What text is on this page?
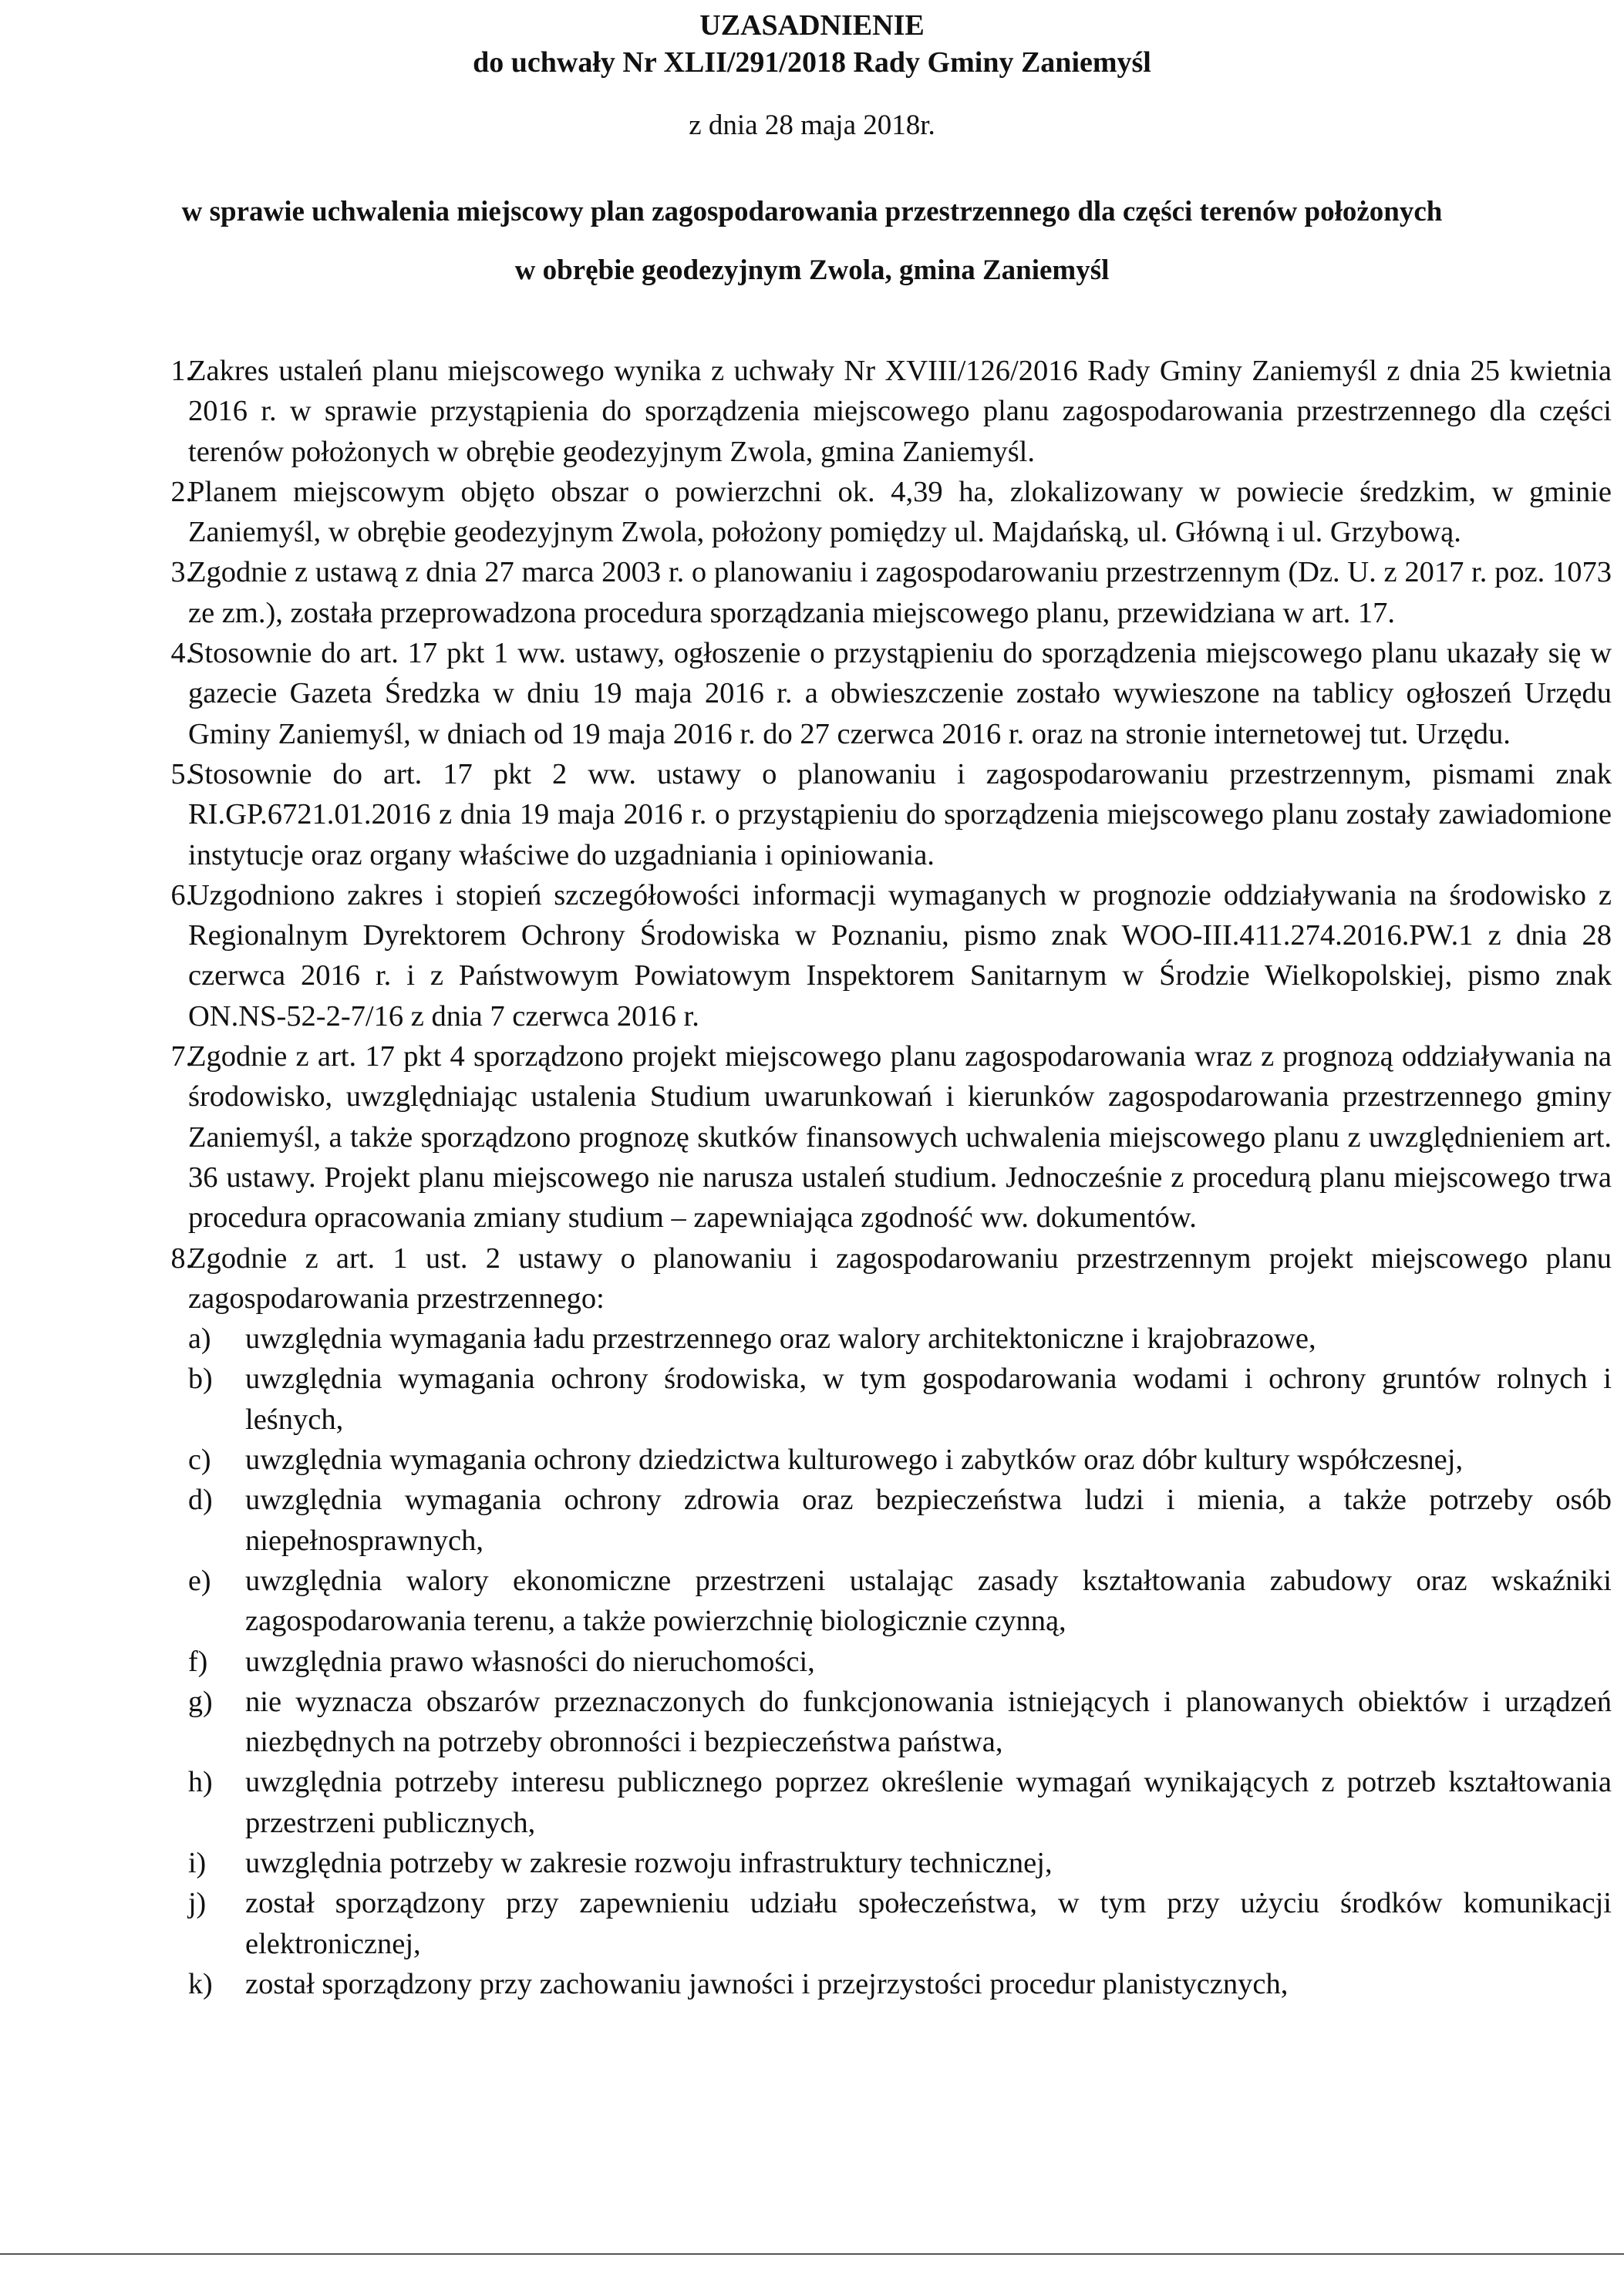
UZASADNIENIE
do uchwały Nr XLII/291/2018 Rady Gminy Zaniemyśl
z dnia 28 maja 2018r.
w sprawie uchwalenia miejscowy plan zagospodarowania przestrzennego dla części terenów położonych
w obrębie geodezyjnym Zwola, gmina Zaniemyśl
1.
Zakres ustaleń planu miejscowego wynika z uchwały Nr XVIII/126/2016 Rady Gminy Zaniemyśl z dnia 25 kwietnia 2016 r. w sprawie przystąpienia do sporządzenia miejscowego planu zagospodarowania przestrzennego dla części terenów położonych w obrębie geodezyjnym Zwola, gmina Zaniemyśl.
2.
Planem miejscowym objęto obszar o powierzchni ok. 4,39 ha, zlokalizowany w powiecie średzkim, w gminie Zaniemyśl, w obrębie geodezyjnym Zwola, położony pomiędzy ul. Majdańską, ul. Główną i ul. Grzybową.
3.
Zgodnie z ustawą z dnia 27 marca 2003 r. o planowaniu i zagospodarowaniu przestrzennym (Dz. U. z 2017 r. poz. 1073 ze zm.), została przeprowadzona procedura sporządzania miejscowego planu, przewidziana w art. 17.
4.
Stosownie do art. 17 pkt 1 ww. ustawy, ogłoszenie o przystąpieniu do sporządzenia miejscowego planu ukazały się w gazecie Gazeta Średzka w dniu 19 maja 2016 r. a obwieszczenie zostało wywieszone na tablicy ogłoszeń Urzędu Gminy Zaniemyśl, w dniach od 19 maja 2016 r. do 27 czerwca 2016 r. oraz na stronie internetowej tut. Urzędu.
5.
Stosownie do art. 17 pkt 2 ww. ustawy o planowaniu i zagospodarowaniu przestrzennym, pismami znak RI.GP.6721.01.2016 z dnia 19 maja 2016 r. o przystąpieniu do sporządzenia miejscowego planu zostały zawiadomione instytucje oraz organy właściwe do uzgadniania i opiniowania.
6.
Uzgodniono zakres i stopień szczegółowości informacji wymaganych w prognozie oddziaływania na środowisko z Regionalnym Dyrektorem Ochrony Środowiska w Poznaniu, pismo znak WOO-III.411.274.2016.PW.1 z dnia 28 czerwca 2016 r. i z Państwowym Powiatowym Inspektorem Sanitarnym w Środzie Wielkopolskiej, pismo znak ON.NS-52-2-7/16 z dnia 7 czerwca 2016 r.
7.
Zgodnie z art. 17 pkt 4 sporządzono projekt miejscowego planu zagospodarowania wraz z prognozą oddziaływania na środowisko, uwzględniając ustalenia Studium uwarunkowań i kierunków zagospodarowania przestrzennego gminy Zaniemyśl, a także sporządzono prognozę skutków finansowych uchwalenia miejscowego planu z uwzględnieniem art. 36 ustawy. Projekt planu miejscowego nie narusza ustaleń studium. Jednocześnie z procedurą planu miejscowego trwa procedura opracowania zmiany studium – zapewniająca zgodność ww. dokumentów.
8.
Zgodnie z art. 1 ust. 2 ustawy o planowaniu i zagospodarowaniu przestrzennym projekt miejscowego planu zagospodarowania przestrzennego:
a) uwzględnia wymagania ładu przestrzennego oraz walory architektoniczne i krajobrazowe,
b) uwzględnia wymagania ochrony środowiska, w tym gospodarowania wodami i ochrony gruntów rolnych i leśnych,
c) uwzględnia wymagania ochrony dziedzictwa kulturowego i zabytków oraz dóbr kultury współczesnej,
d) uwzględnia wymagania ochrony zdrowia oraz bezpieczeństwa ludzi i mienia, a także potrzeby osób niepełnosprawnych,
e) uwzględnia walory ekonomiczne przestrzeni ustalając zasady kształtowania zabudowy oraz wskaźniki zagospodarowania terenu, a także powierzchnię biologicznie czynną,
f)	uwzględnia prawo własności do nieruchomości,
g) nie wyznacza obszarów przeznaczonych do funkcjonowania istniejących i planowanych obiektów i urządzeń niezbędnych na potrzeby obronności i bezpieczeństwa państwa,
h) uwzględnia potrzeby interesu publicznego poprzez określenie wymagań wynikających z potrzeb kształtowania przestrzeni publicznych,
i)	uwzględnia potrzeby w zakresie rozwoju infrastruktury technicznej,
j)	został sporządzony przy zapewnieniu udziału społeczeństwa, w tym przy użyciu środków komunikacji elektronicznej,
k) został sporządzony przy zachowaniu jawności i przejrzystości procedur planistycznych,
